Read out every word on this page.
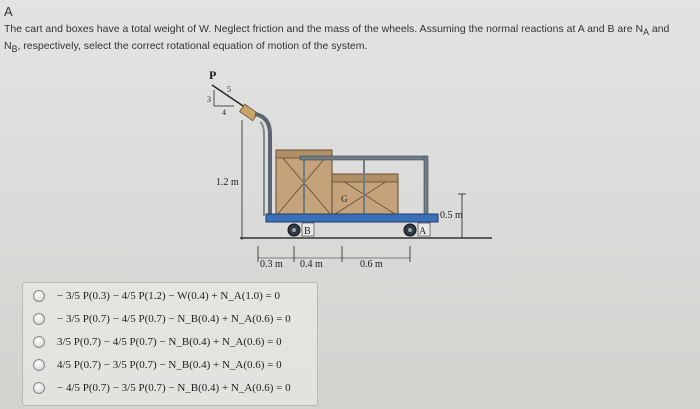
A
The cart and boxes have a total weight of W. Neglect friction and the mass of the wheels. Assuming the normal reactions at A and B are $N_A$ and
$N_B$, respectively, select the correct rotational equation of motion of the system.
P
3
4
5
1.2 m
G
B	A
0.5 m
0.3 m 0.4 m	0.6 m
− 3/5 P(0.3) − 4/5 P(1.2) − W(0.4) + N_A(1.0) = 0
− 3/5 P(0.7) − 4/5 P(0.7) − N_B(0.4) + N_A(0.6) = 0
3/5 P(0.7) − 4/5 P(0.7) − N_B(0.4) + N_A(0.6) = 0
4/5 P(0.7) − 3/5 P(0.7) − N_B(0.4) + N_A(0.6) = 0
− 4/5 P(0.7) − 3/5 P(0.7) − N_B(0.4) + N_A(0.6) = 0
